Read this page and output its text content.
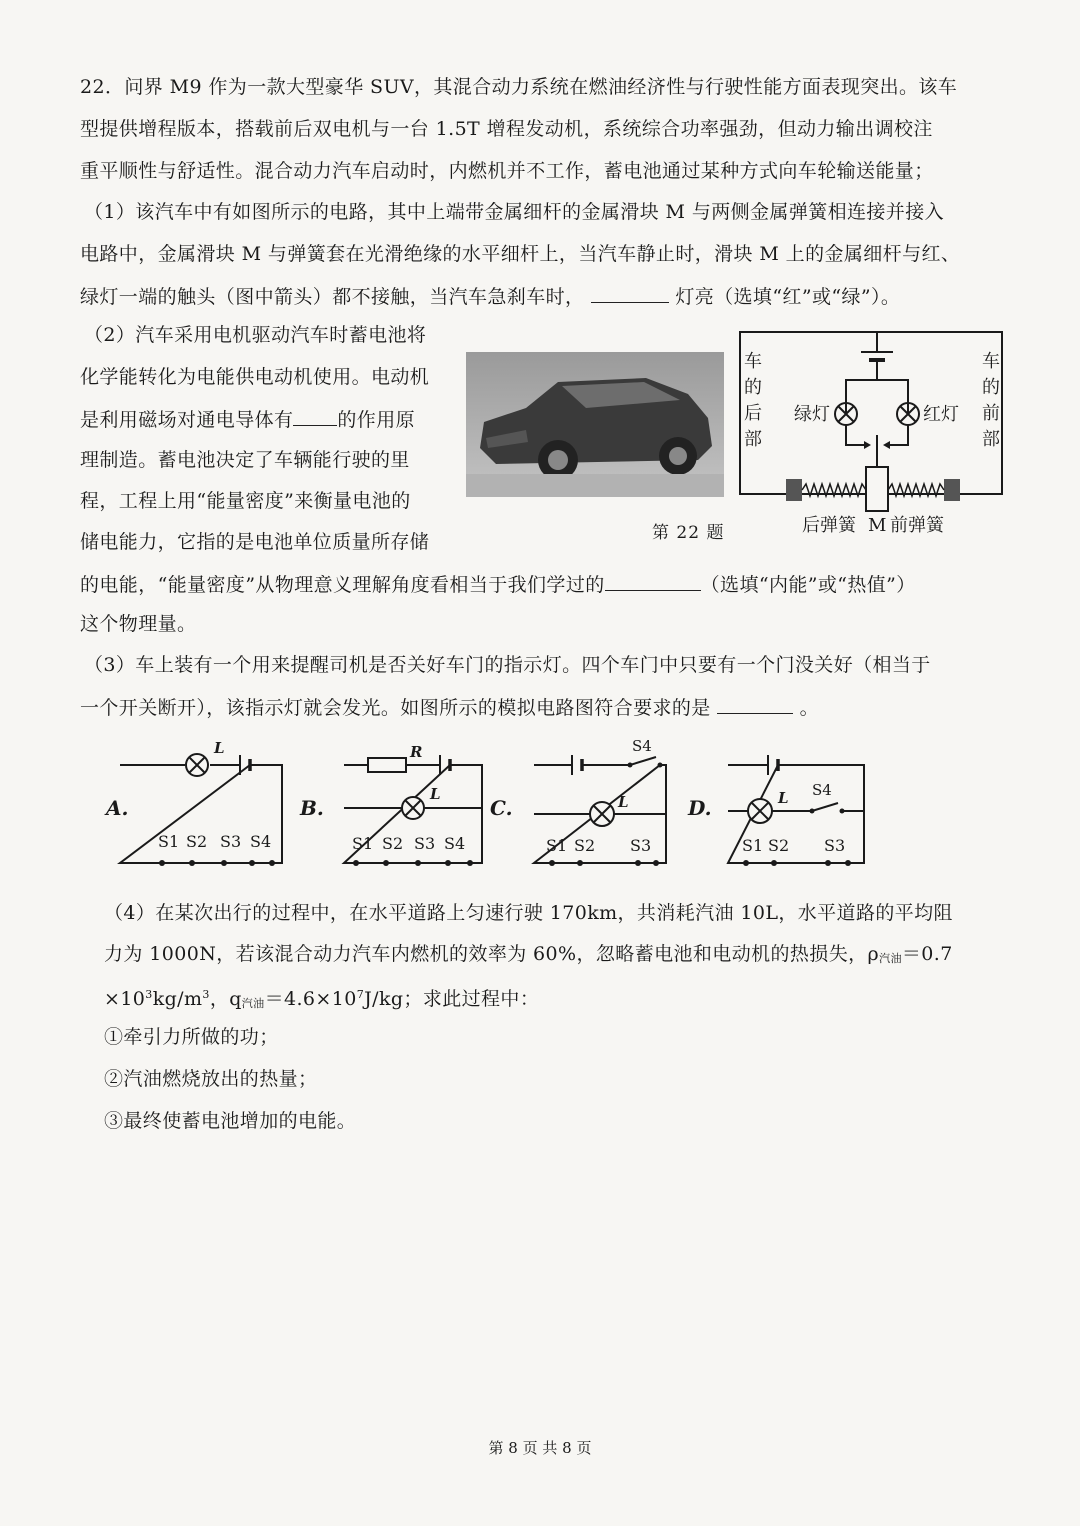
22．问界 M9 作为一款大型豪华 SUV，其混合动力系统在燃油经济性与行驶性能方面表现突出。该车
型提供增程版本，搭载前后双电机与一台 1.5T 增程发动机，系统综合功率强劲，但动力输出调校注
重平顺性与舒适性。混合动力汽车启动时，内燃机并不工作，蓄电池通过某种方式向车轮输送能量；
（1）该汽车中有如图所示的电路，其中上端带金属细杆的金属滑块 M 与两侧金属弹簧相连接并接入
电路中，金属滑块 M 与弹簧套在光滑绝缘的水平细杆上，当汽车静止时，滑块 M 上的金属细杆与红、
绿灯一端的触头（图中箭头）都不接触，当汽车急刹车时，	灯亮（选填“红”或“绿”）。
（2）汽车采用电机驱动汽车时蓄电池将
化学能转化为电能供电动机使用。电动机
是利用磁场对通电导体有 的作用原
理制造。蓄电池决定了车辆能行驶的里
程，工程上用“能量密度”来衡量电池的
储电能力，它指的是电池单位质量所存储
的电能，“能量密度”从物理意义理解角度看相当于我们学过的	（选填“内能”或“热值”）
这个物理量。
车
的
后
部
车
的
前
部
绿灯	红灯
后弹簧 M 前弹簧
第 22 题
（3）车上装有一个用来提醒司机是否关好车门的指示灯。四个车门中只要有一个门没关好（相当于
一个开关断开），该指示灯就会发光。如图所示的模拟电路图符合要求的是	。
A.
L
S1 S2 S3 S4
B.
R
L
S1 S2 S3 S4
C.
S4
L
S1 S2 S3
D.	L S4
S1 S2 S3
（4）在某次出行的过程中，在水平道路上匀速行驶 170km，共消耗汽油 10L，水平道路的平均阻
力为 1000N，若该混合动力汽车内燃机的效率为 60%，忽略蓄电池和电动机的热损失，ρ汽油＝0.7
$\times 10^3kg/m^3$，q汽油$=4.6\times 10^7J/kg$；求此过程中：
①牵引力所做的功；
②汽油燃烧放出的热量；
③最终使蓄电池增加的电能。
第 8 页 共 8 页
